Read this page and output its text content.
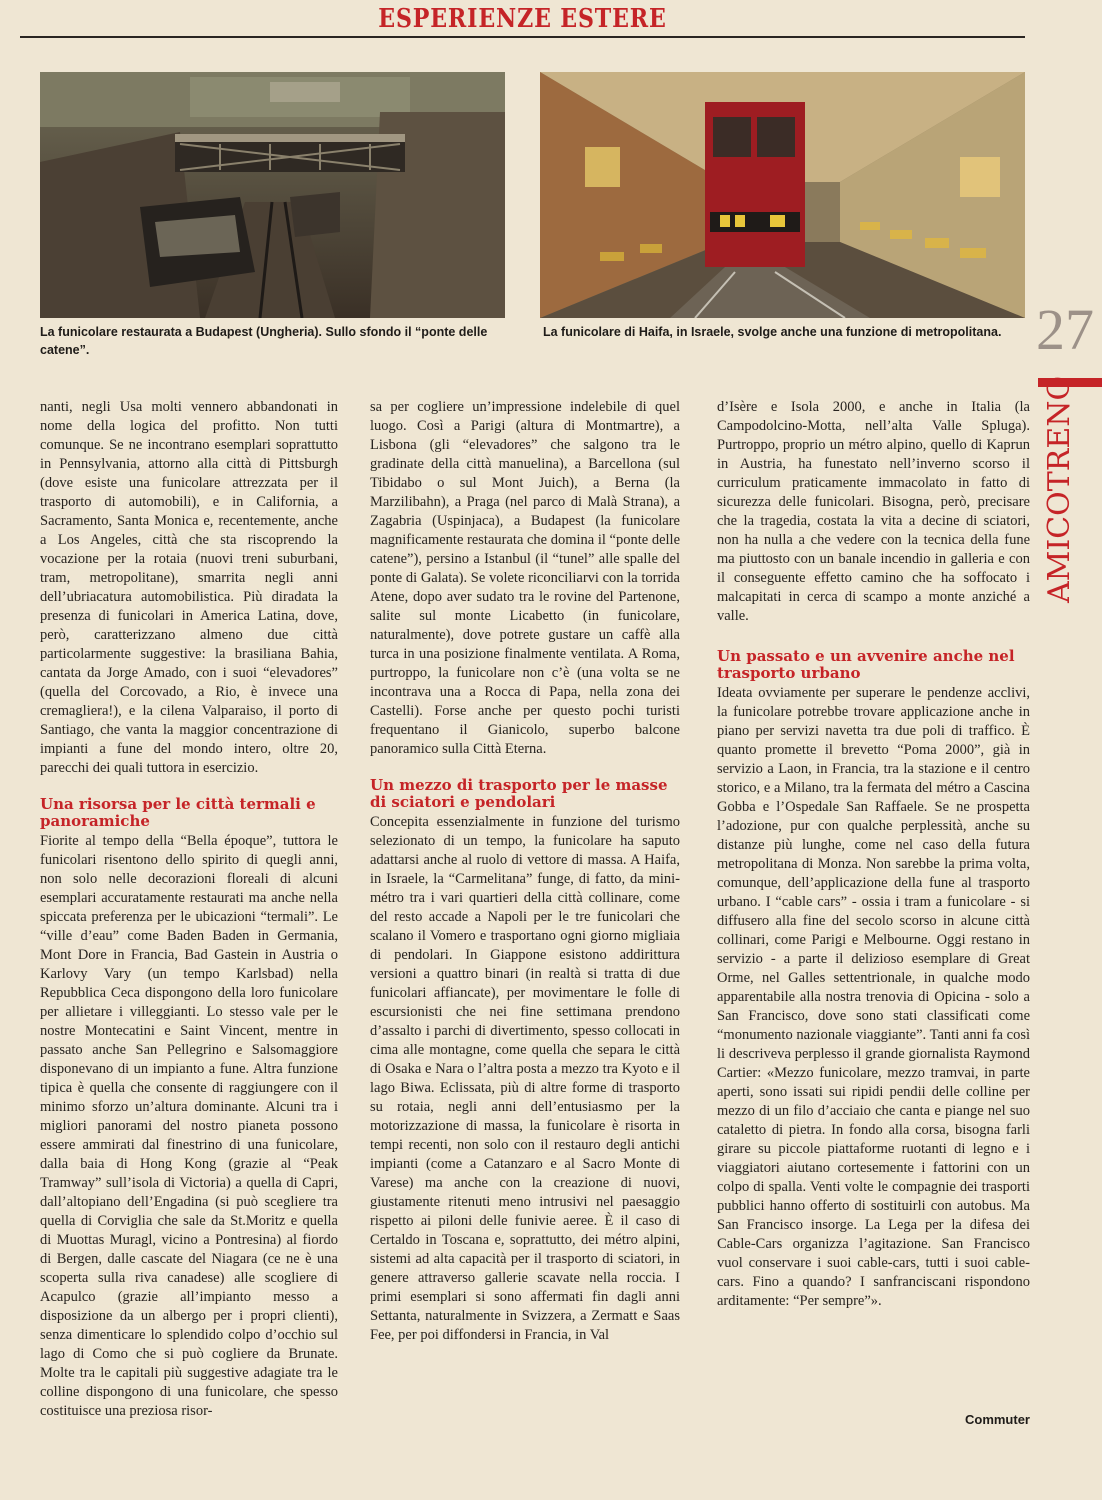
ESPERIENZE ESTERE
La funicolare restaurata a Budapest (Ungheria). Sullo sfondo il “ponte delle catene”.
La funicolare di Haifa, in Israele, svolge anche una funzione di metropolitana. 27
AMICOTRENO

nanti, negli Usa molti vennero abbandonati in nome della logica del profitto. Non tutti comunque. Se ne incontrano esemplari soprattutto in Pennsylvania, attorno alla città di Pittsburgh (dove esiste una funicolare attrezzata per il trasporto di automobili), e in California, a Sacramento, Santa Monica e, recentemente, anche a Los Angeles, città che sta riscoprendo la vocazione per la rotaia (nuovi treni suburbani, tram, metropolitane), smarrita negli anni dell’ubriacatura automobilistica. Più diradata la presenza di funicolari in America Latina, dove, però, caratterizzano almeno due città particolarmente suggestive: la brasiliana Bahia, cantata da Jorge Amado, con i suoi “elevadores” (quella del Corcovado, a Rio, è invece una cremagliera!), e la cilena Valparaiso, il porto di Santiago, che vanta la maggior concentrazione di impianti a fune del mondo intero, oltre 20, parecchi dei quali tuttora in esercizio.

Una risorsa per le città termali e panoramiche

Fiorite al tempo della “Bella époque”, tuttora le funicolari risentono dello spirito di quegli anni, non solo nelle decorazioni floreali di alcuni esemplari accuratamente restaurati ma anche nella spiccata preferenza per le ubicazioni “termali”. Le “ville d’eau” come Baden Baden in Germania, Mont Dore in Francia, Bad Gastein in Austria o Karlovy Vary (un tempo Karlsbad) nella Repubblica Ceca dispongono della loro funicolare per allietare i villeggianti. Lo stesso vale per le nostre Montecatini e Saint Vincent, mentre in passato anche San Pellegrino e Salsomaggiore disponevano di un impianto a fune. Altra funzione tipica è quella che consente di raggiungere con il minimo sforzo un’altura dominante. Alcuni tra i migliori panorami del nostro pianeta possono essere ammirati dal finestrino di una funicolare, dalla baia di Hong Kong (grazie al “Peak Tramway” sull’isola di Victoria) a quella di Capri, dall’altopiano dell’Engadina (si può scegliere tra quella di Corviglia che sale da St.Moritz e quella di Muottas Muragl, vicino a Pontresina) al fiordo di Bergen, dalle cascate del Niagara (ce ne è una scoperta sulla riva canadese) alle scogliere di Acapulco (grazie all’impianto messo a disposizione da un albergo per i propri clienti), senza dimenticare lo splendido colpo d’occhio sul lago di Como che si può cogliere da Brunate. Molte tra le capitali più suggestive adagiate tra le colline dispongono di una funicolare, che spesso costituisce una preziosa risor-

sa per cogliere un’impressione indelebile di quel luogo. Così a Parigi (altura di Montmartre), a Lisbona (gli “elevadores” che salgono tra le gradinate della città manuelina), a Barcellona (sul Tibidabo o sul Mont Juich), a Berna (la Marzilibahn), a Praga (nel parco di Malà Strana), a Zagabria (Uspinjaca), a Budapest (la funicolare magnificamente restaurata che domina il “ponte delle catene”), persino a Istanbul (il “tunel” alle spalle del ponte di Galata). Se volete riconciliarvi con la torrida Atene, dopo aver sudato tra le rovine del Partenone, salite sul monte Licabetto (in funicolare, naturalmente), dove potrete gustare un caffè alla turca in una posizione finalmente ventilata. A Roma, purtroppo, la funicolare non c’è (una volta se ne incontrava una a Rocca di Papa, nella zona dei Castelli). Forse anche per questo pochi turisti frequentano il Gianicolo, superbo balcone panoramico sulla Città Eterna.

Un mezzo di trasporto per le masse di sciatori e pendolari

Concepita essenzialmente in funzione del turismo selezionato di un tempo, la funicolare ha saputo adattarsi anche al ruolo di vettore di massa. A Haifa, in Israele, la “Carmelitana” funge, di fatto, da mini-métro tra i vari quartieri della città collinare, come del resto accade a Napoli per le tre funicolari che scalano il Vomero e trasportano ogni giorno migliaia di pendolari. In Giappone esistono addirittura versioni a quattro binari (in realtà si tratta di due funicolari affiancate), per movimentare le folle di escursionisti che nei fine settimana prendono d’assalto i parchi di divertimento, spesso collocati in cima alle montagne, come quella che separa le città di Osaka e Nara o l’altra posta a mezzo tra Kyoto e il lago Biwa. Eclissata, più di altre forme di trasporto su rotaia, negli anni dell’entusiasmo per la motorizzazione di massa, la funicolare è risorta in tempi recenti, non solo con il restauro degli antichi impianti (come a Catanzaro e al Sacro Monte di Varese) ma anche con la creazione di nuovi, giustamente ritenuti meno intrusivi nel paesaggio rispetto ai piloni delle funivie aeree. È il caso di Certaldo in Toscana e, soprattutto, dei métro alpini, sistemi ad alta capacità per il trasporto di sciatori, in genere attraverso gallerie scavate nella roccia. I primi esemplari si sono affermati fin dagli anni Settanta, naturalmente in Svizzera, a Zermatt e Saas Fee, per poi diffondersi in Francia, in Val

d’Isère e Isola 2000, e anche in Italia (la Campodolcino-Motta, nell’alta Valle Spluga). Purtroppo, proprio un métro alpino, quello di Kaprun in Austria, ha funestato nell’inverno scorso il curriculum praticamente immacolato in fatto di sicurezza delle funicolari. Bisogna, però, precisare che la tragedia, costata la vita a decine di sciatori, non ha nulla a che vedere con la tecnica della fune ma piuttosto con un banale incendio in galleria e con il conseguente effetto camino che ha soffocato i malcapitati in cerca di scampo a monte anziché a valle.

Un passato e un avvenire anche nel trasporto urbano

Ideata ovviamente per superare le pendenze acclivi, la funicolare potrebbe trovare applicazione anche in piano per servizi navetta tra due poli di traffico. È quanto promette il brevetto “Poma 2000”, già in servizio a Laon, in Francia, tra la stazione e il centro storico, e a Milano, tra la fermata del métro a Cascina Gobba e l’Ospedale San Raffaele. Se ne prospetta l’adozione, pur con qualche perplessità, anche su distanze più lunghe, come nel caso della futura metropolitana di Monza. Non sarebbe la prima volta, comunque, dell’applicazione della fune al trasporto urbano. I “cable cars” - ossia i tram a funicolare - si diffusero alla fine del secolo scorso in alcune città collinari, come Parigi e Melbourne. Oggi restano in servizio - a parte il delizioso esemplare di Great Orme, nel Galles settentrionale, in qualche modo apparentabile alla nostra trenovia di Opicina - solo a San Francisco, dove sono stati classificati come “monumento nazionale viaggiante”. Tanti anni fa così li descriveva perplesso il grande giornalista Raymond Cartier: «Mezzo funicolare, mezzo tramvai, in parte aperti, sono issati sui ripidi pendii delle colline per mezzo di un filo d’acciaio che canta e piange nel suo cataletto di pietra. In fondo alla corsa, bisogna farli girare su piccole piattaforme ruotanti di legno e i viaggiatori aiutano cortesemente i fattorini con un colpo di spalla. Venti volte le compagnie dei trasporti pubblici hanno offerto di sostituirli con autobus. Ma San Francisco insorge. La Lega per la difesa dei Cable-Cars organizza l’agitazione. San Francisco vuol conservare i suoi cable-cars, tutti i suoi cable-cars. Fino a quando? I sanfranciscani rispondono arditamente: “Per sempre”».

Commuter
